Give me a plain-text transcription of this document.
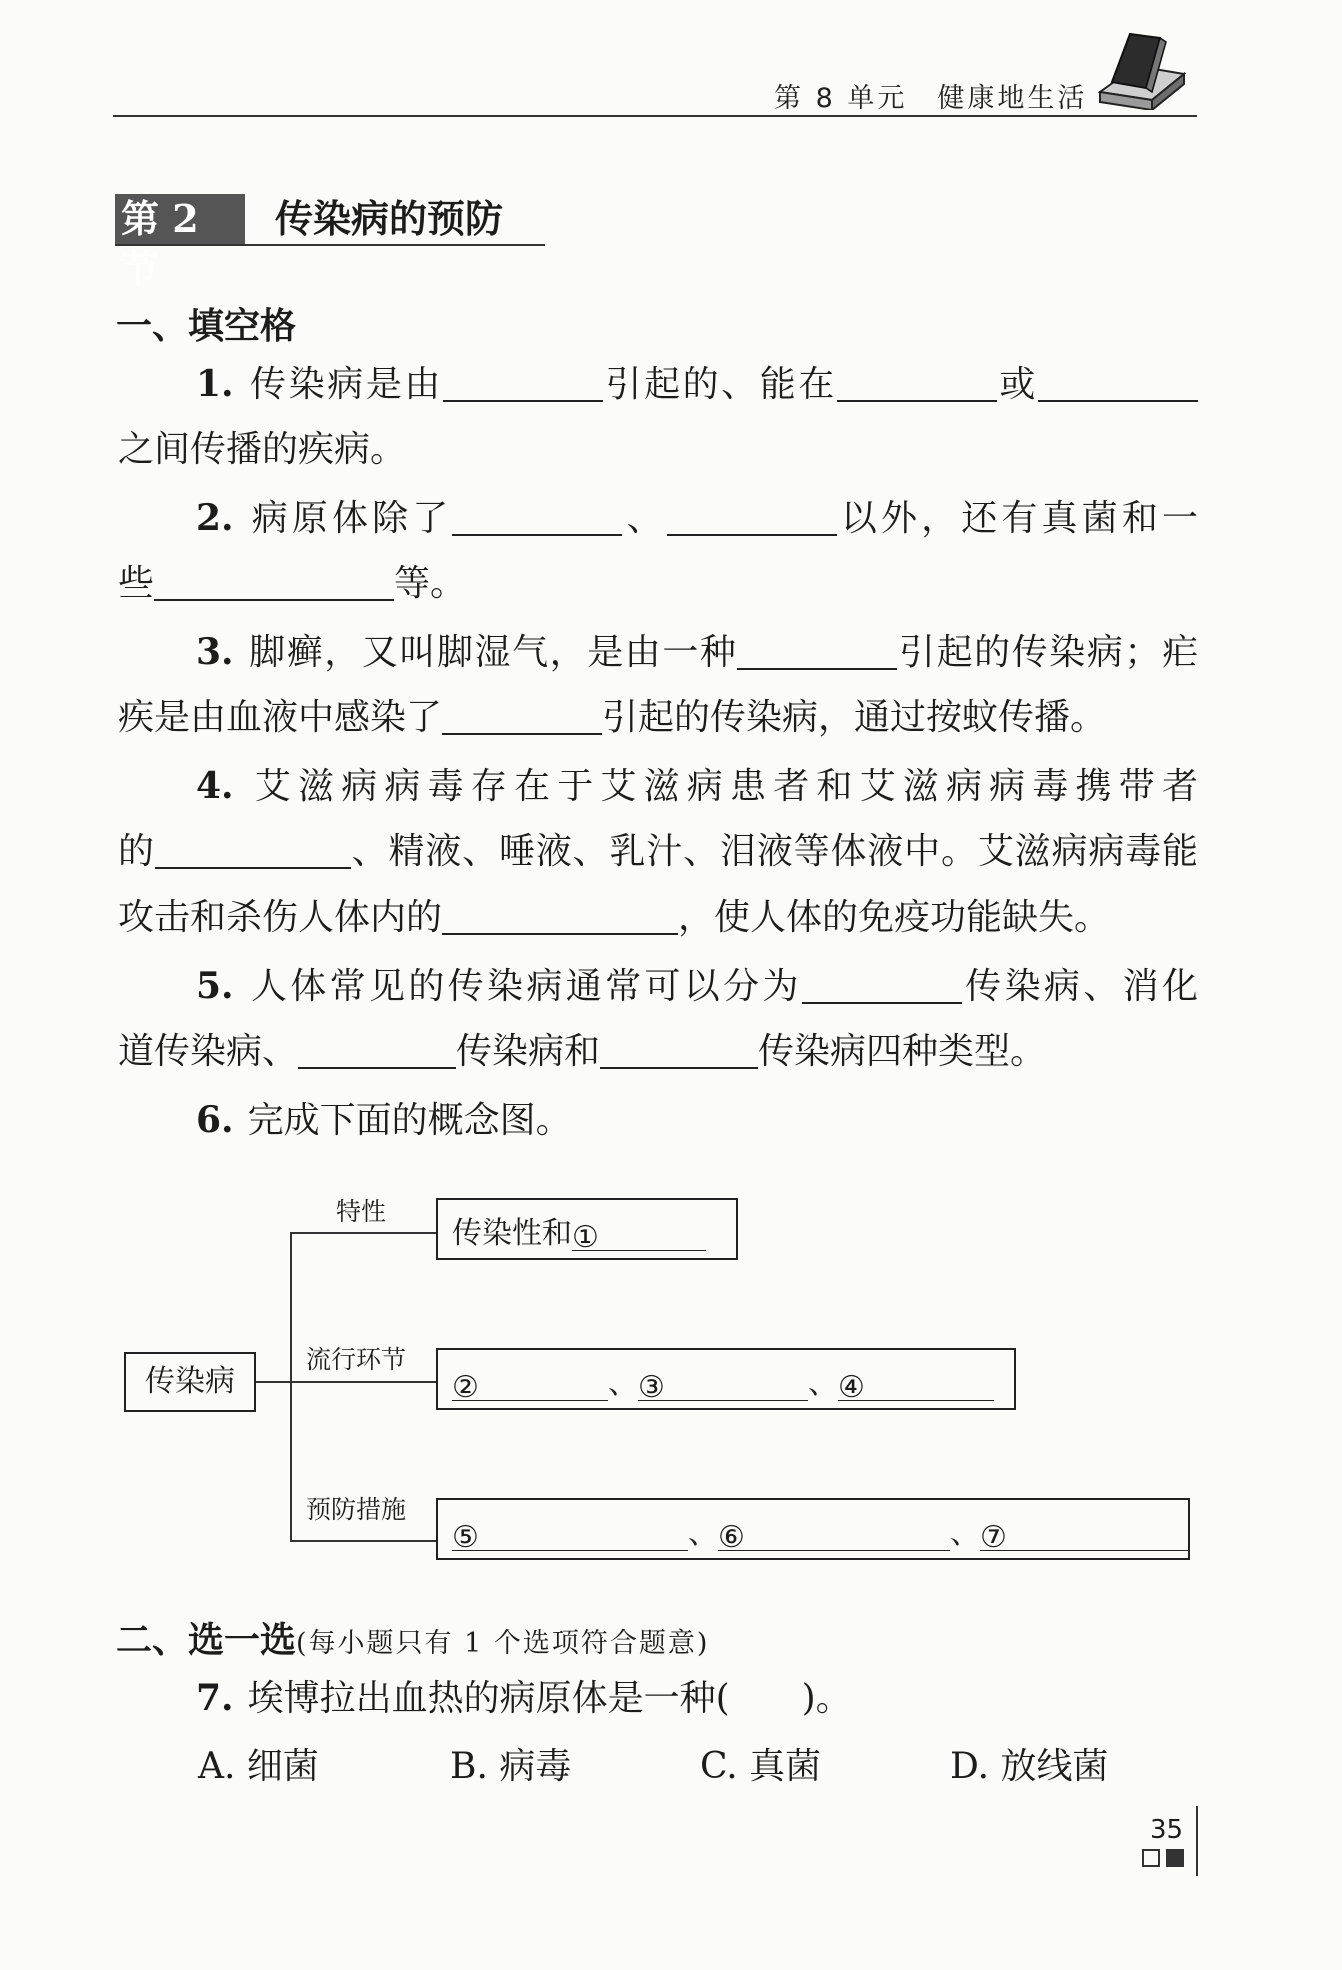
第 8 单元　 健康地生活
第 2 节
传染病的预防
一、填空格
1. 传染病是由	引起的、能在	或
之间传播的疾病。
2. 病原体除了	、	以外，还有真菌和一
些	等。
3. 脚癣，又叫脚湿气，是由一种	引起的传染病；疟
疾是由血液中感染了	引起的传染病，通过按蚊传播。
4. 艾滋病病毒存在于艾滋病患者和艾滋病病毒携带者
的	、精液、唾液、乳汁、泪液等体液中。艾滋病病毒能
攻击和杀伤人体内的	，使人体的免疫功能缺失。
5. 人体常见的传染病通常可以分为	传染病、消化
道传染病、	传染病和	传染病四种类型。
6. 完成下面的概念图。
传染病
特性
流行环节
预防措施
传染性和①
②	、③	、④
⑤	、⑥	、⑦
二、选一选(每小题只有 1 个选项符合题意)
7. 埃博拉出血热的病原体是一种(　　)。
A. 细菌	B. 病毒	C. 真菌	D. 放线菌
35
